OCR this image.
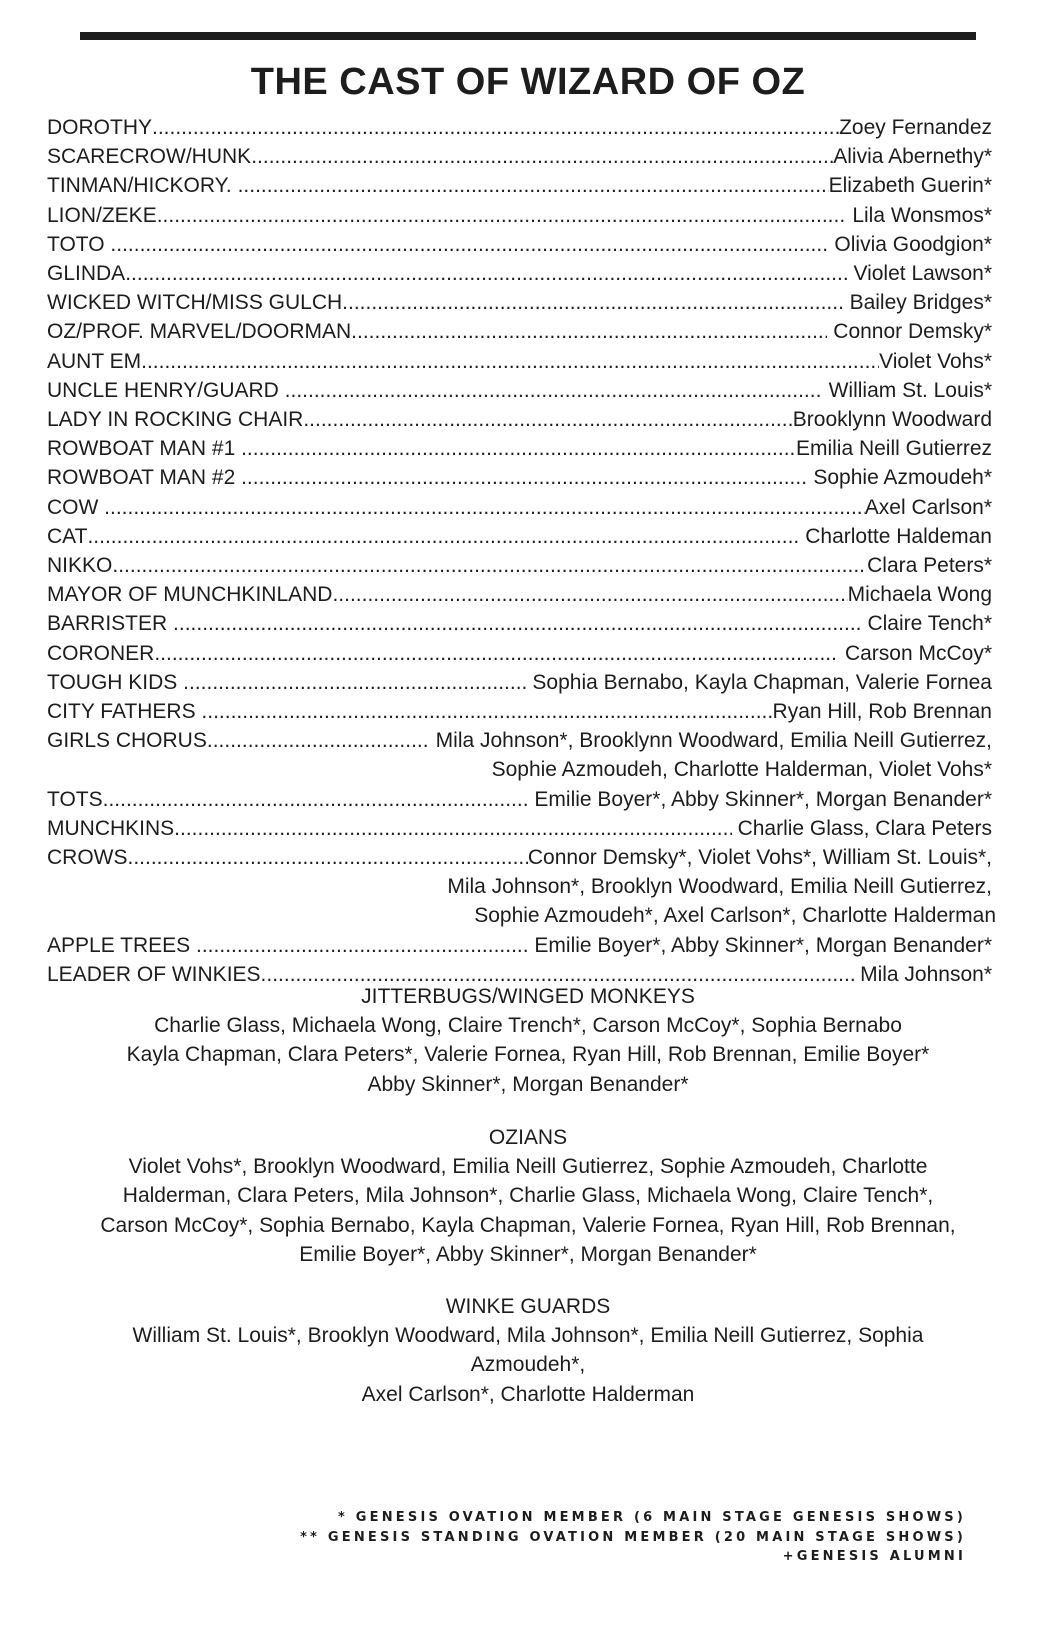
THE CAST OF WIZARD OF OZ
DOROTHY .....	Zoey Fernandez
SCARECROW/HUNK .....	Alivia Abernethy*
TINMAN/HICKORY. .....	Elizabeth Guerin*
LION/ZEKE .....	Lila Wonsmos*
TOTO .....	Olivia Goodgion*
GLINDA .....	Violet Lawson*
WICKED WITCH/MISS GULCH .....	Bailey Bridges*
OZ/PROF. MARVEL/DOORMAN .....	Connor Demsky*
AUNT EM .....	Violet Vohs*
UNCLE HENRY/GUARD .....	William St. Louis*
LADY IN ROCKING CHAIR .....	Brooklynn Woodward
ROWBOAT MAN #1 .....	Emilia Neill Gutierrez
ROWBOAT MAN #2 .....	Sophie Azmoudeh*
COW .....	Axel Carlson*
CAT .....	Charlotte Haldeman
NIKKO .....	Clara Peters*
MAYOR OF MUNCHKINLAND .....	Michaela Wong
BARRISTER .....	Claire Tench*
CORONER .....	Carson McCoy*
TOUGH KIDS .....	Sophia Bernabo, Kayla Chapman, Valerie Fornea
CITY FATHERS .....	Ryan Hill, Rob Brennan
GIRLS CHORUS .....	Mila Johnson*, Brooklynn Woodward, Emilia Neill Gutierrez,
Sophie Azmoudeh, Charlotte Halderman, Violet Vohs*
TOTS .....	Emilie Boyer*, Abby Skinner*, Morgan Benander*
MUNCHKINS .....	Charlie Glass, Clara Peters
CROWS .....	Connor Demsky*, Violet Vohs*, William St. Louis*,
Mila Johnson*, Brooklyn Woodward, Emilia Neill Gutierrez,
Sophie Azmoudeh*, Axel Carlson*, Charlotte Halderman
APPLE TREES .....	Emilie Boyer*, Abby Skinner*, Morgan Benander*
LEADER OF WINKIES .....	Mila Johnson*
JITTERBUGS/WINGED MONKEYS
Charlie Glass, Michaela Wong, Claire Trench*, Carson McCoy*, Sophia Bernabo
Kayla Chapman, Clara Peters*, Valerie Fornea, Ryan Hill, Rob Brennan, Emilie Boyer*
Abby Skinner*, Morgan Benander*
OZIANS
Violet Vohs*, Brooklyn Woodward, Emilia Neill Gutierrez, Sophie Azmoudeh, Charlotte
Halderman, Clara Peters, Mila Johnson*, Charlie Glass, Michaela Wong, Claire Tench*,
Carson McCoy*, Sophia Bernabo, Kayla Chapman, Valerie Fornea, Ryan Hill, Rob Brennan,
Emilie Boyer*, Abby Skinner*, Morgan Benander*
WINKE GUARDS
William St. Louis*, Brooklyn Woodward, Mila Johnson*, Emilia Neill Gutierrez, Sophia
Azmoudeh*,
Axel Carlson*, Charlotte Halderman
* GENESIS OVATION MEMBER (6 MAIN STAGE GENESIS SHOWS)
** GENESIS STANDING OVATION MEMBER (20 MAIN STAGE SHOWS)
+GENESIS ALUMNI
